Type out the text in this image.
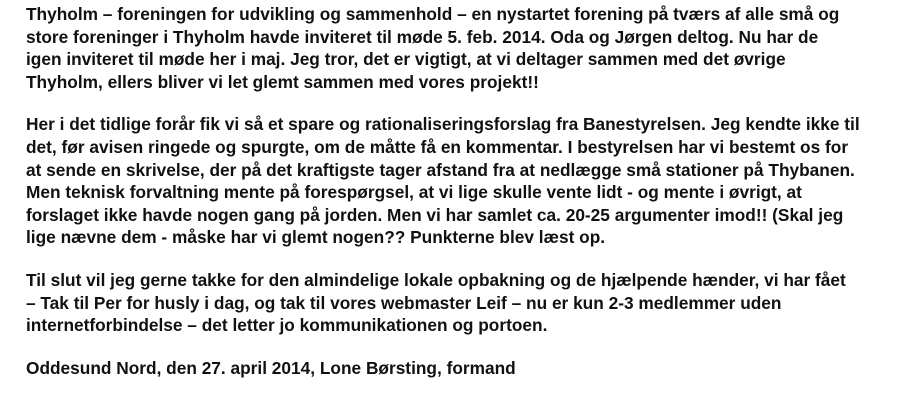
Thyholm – foreningen for udvikling og sammenhold – en nystartet forening på tværs af alle små og
store foreninger i Thyholm havde inviteret til møde 5. feb. 2014. Oda og Jørgen deltog. Nu har de
igen inviteret til møde her i maj. Jeg tror, det er vigtigt, at vi deltager sammen med det øvrige
Thyholm, ellers bliver vi let glemt sammen med vores projekt!!
Her i det tidlige forår fik vi så et spare og rationaliseringsforslag fra Banestyrelsen. Jeg kendte ikke til
det, før avisen ringede og spurgte, om de måtte få en kommentar. I bestyrelsen har vi bestemt os for
at sende en skrivelse, der på det kraftigste tager afstand fra at nedlægge små stationer på Thybanen.
Men teknisk forvaltning mente på forespørgsel, at vi lige skulle vente lidt - og mente i øvrigt, at
forslaget ikke havde nogen gang på jorden. Men vi har samlet ca. 20-25 argumenter imod!! (Skal jeg
lige nævne dem - måske har vi glemt nogen?? Punkterne blev læst op.
Til slut vil jeg gerne takke for den almindelige lokale opbakning og de hjælpende hænder, vi har fået
– Tak til Per for husly i dag, og tak til vores webmaster Leif – nu er kun 2-3 medlemmer uden
internetforbindelse – det letter jo kommunikationen og portoen.
Oddesund Nord, den 27. april 2014, Lone Børsting, formand
